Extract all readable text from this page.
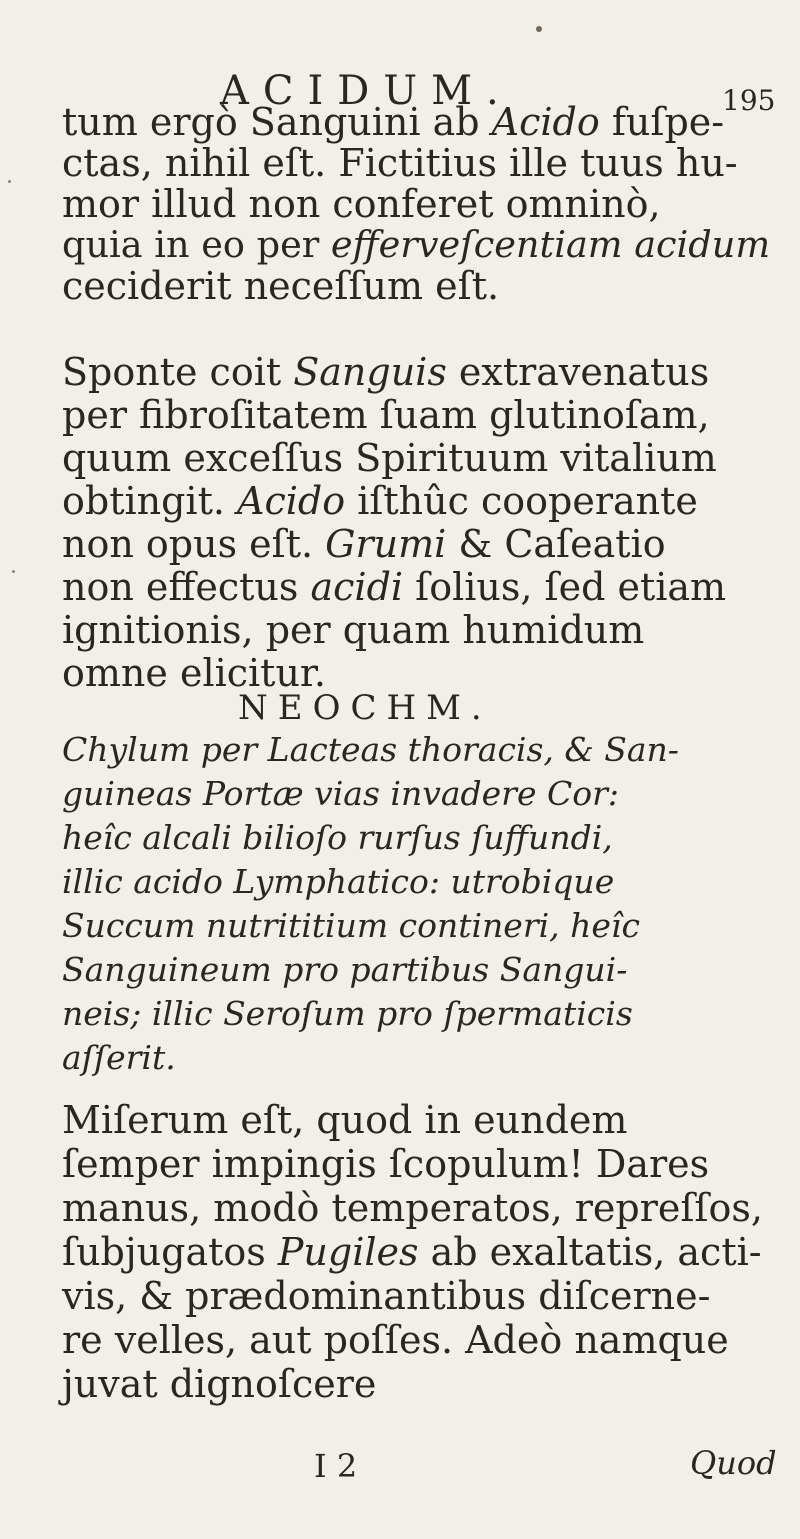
ACIDUM.	195
tum ergò Sanguini ab Acido fuſpe-
ctas, nihil eſt. Fictitius ille tuus hu-
mor illud non conferet omninò,
quia in eo per efferveſcentiam acidum
ceciderit neceſſum eſt.
Sponte coit Sanguis extravenatus
per fibroſitatem ſuam glutinoſam,
quum exceſſus Spirituum vitalium
obtingit. Acido iſthûc cooperante
non opus eſt. Grumi & Caſeatio
non effectus acidi ſolius, ſed etiam
ignitionis, per quam humidum
omne elicitur.
NEOCHM.
Chylum per Lacteas thoracis, & San-
guineas Portæ vias invadere Cor:
heîc alcali bilioſo rurſus ſuffundi,
illic acido Lymphatico: utrobique
Succum nutrititium contineri, heîc
Sanguineum pro partibus Sangui-
neis; illic Seroſum pro ſpermaticis
aſſerit.
Miſerum eſt, quod in eundem
ſemper impingis ſcopulum! Dares
manus, modò temperatos, repreſſos,
ſubjugatos Pugiles ab exaltatis, acti-
vis, & prædominantibus diſcerne-
re velles, aut poſſes. Adeò namque
juvat dignoſcere
I 2	Quod
